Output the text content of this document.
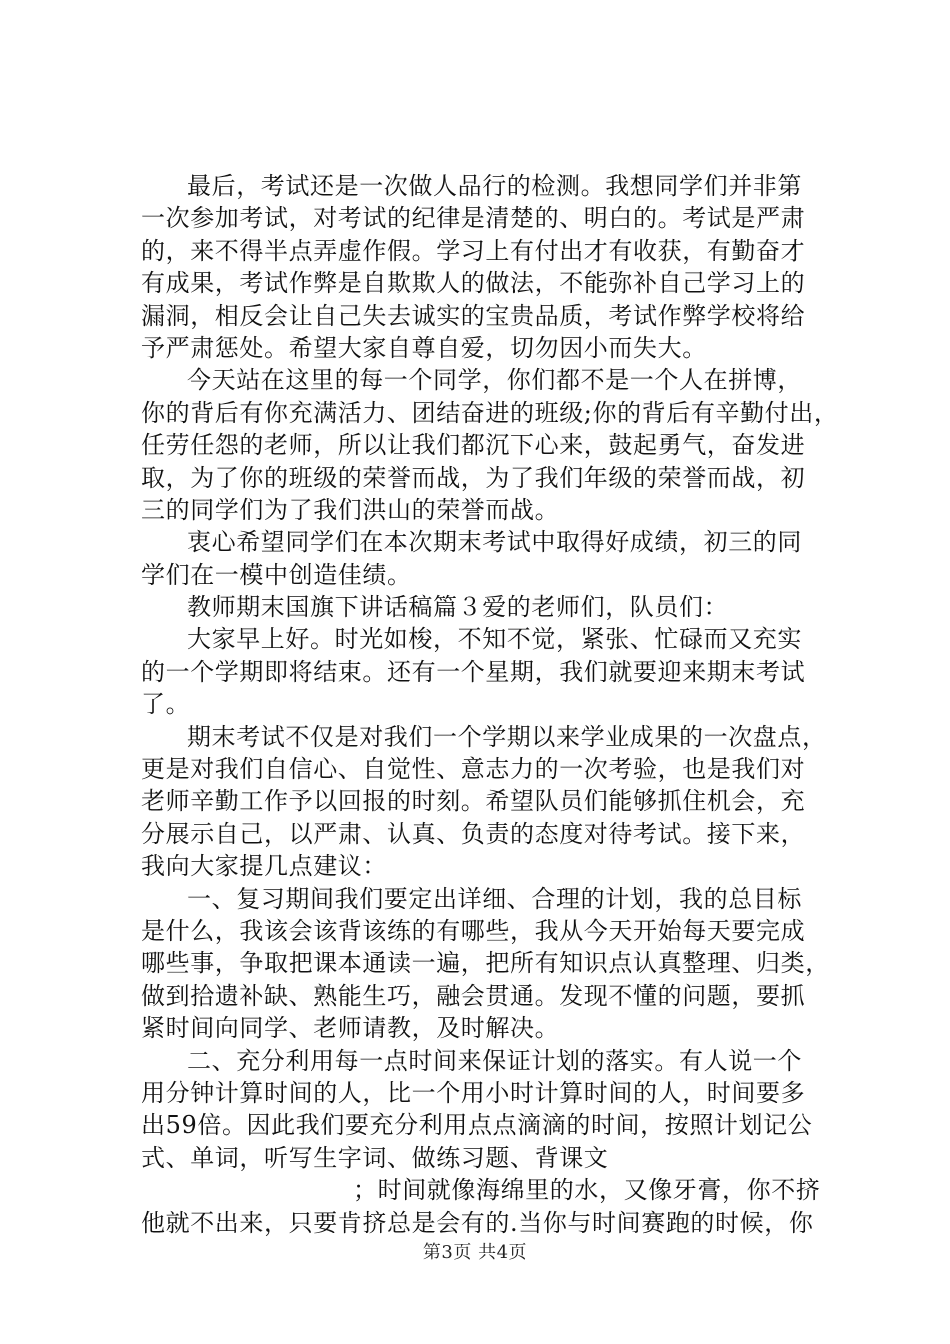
最后，考试还是一次做人品行的检测。我想同学们并非第
一次参加考试，对考试的纪律是清楚的、明白的。考试是严肃
的，来不得半点弄虚作假。学习上有付出才有收获，有勤奋才
有成果，考试作弊是自欺欺人的做法，不能弥补自己学习上的
漏洞，相反会让自己失去诚实的宝贵品质，考试作弊学校将给
予严肃惩处。希望大家自尊自爱，切勿因小而失大。
今天站在这里的每一个同学，你们都不是一个人在拼博，
你的背后有你充满活力、团结奋进的班级;你的背后有辛勤付出，
任劳任怨的老师，所以让我们都沉下心来，鼓起勇气，奋发进
取，为了你的班级的荣誉而战，为了我们年级的荣誉而战，初
三的同学们为了我们洪山的荣誉而战。
衷心希望同学们在本次期末考试中取得好成绩，初三的同
学们在一模中创造佳绩。
教师期末国旗下讲话稿篇３爱的老师们，队员们：
大家早上好。时光如梭，不知不觉，紧张、忙碌而又充实
的一个学期即将结束。还有一个星期，我们就要迎来期末考试
了。
期末考试不仅是对我们一个学期以来学业成果的一次盘点，
更是对我们自信心、自觉性、意志力的一次考验，也是我们对
老师辛勤工作予以回报的时刻。希望队员们能够抓住机会，充
分展示自己，以严肃、认真、负责的态度对待考试。接下来，
我向大家提几点建议：
一、复习期间我们要定出详细、合理的计划，我的总目标
是什么，我该会该背该练的有哪些，我从今天开始每天要完成
哪些事，争取把课本通读一遍，把所有知识点认真整理、归类，
做到拾遗补缺、熟能生巧，融会贯通。发现不懂的问题，要抓
紧时间向同学、老师请教，及时解决。
二、充分利用每一点时间来保证计划的落实。有人说一个
用分钟计算时间的人，比一个用小时计算时间的人，时间要多
出59倍。因此我们要充分利用点点滴滴的时间，按照计划记公
式、单词，听写生字词、做练习题、背课文
；时间就像海绵里的水，又像牙膏，你不挤
他就不出来，只要肯挤总是会有的.当你与时间赛跑的时候，你
第3页 共4页
